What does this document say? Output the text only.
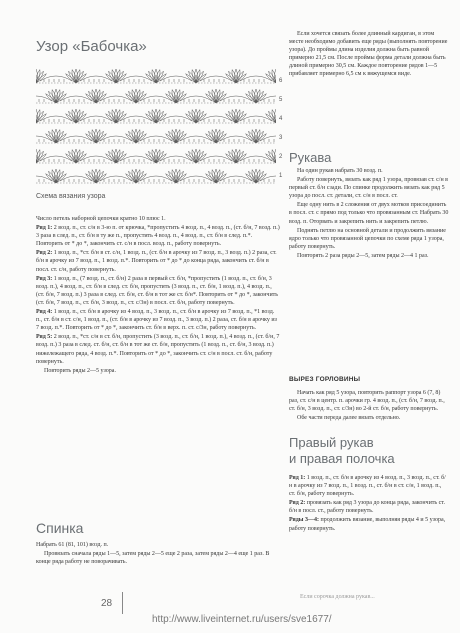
Узор «Бабочка»
6
5
4
3
2
1
Схема вязания узора

Число петель наборной цепочки кратно 10 плюс 1.

Ряд 1: 2 возд. п., ст. с/н в 3-ю п. от крючка, *пропустить 4 возд. п., 4 возд. п., (ст. б/н, 7 возд. п.) 3 раза в след. п., ст. б/н в ту же п., пропустить 4 возд. п., 4 возд. п., ст. б/н в след. п.*. Повторить от * до *, закончить ст. с/н в посл. возд. п., работу повернуть.

Ряд 2: 1 возд. п., *ст. б/н в ст. с/н, 1 возд. п., (ст. б/н в арочку из 7 возд. п., 3 возд. п.) 2 раза, ст. б/н в арочку из 7 возд. п., 1 возд. п.*. Повторить от * до * до конца ряда, закончить ст. б/н в посл. ст. с/н, работу повернуть.

Ряд 3: 1 возд. п., (7 возд. п., ст. б/н) 2 раза в первый ст. б/н, *пропустить (1 возд. п., ст. б/н, 3 возд. п.), 4 возд. п., ст. б/н в след. ст. б/н, пропустить (3 возд. п., ст. б/н, 1 возд. п.), 4 возд. п., (ст. б/н, 7 возд. п.) 3 раза в след. ст. б/н, ст. б/н в тот же ст. б/н*. Повторить от * до *, закончить (ст. б/н, 7 возд. п., ст. б/н, 3 возд. п., ст. с/3н) в посл. ст. б/н, работу повернуть.

Ряд 4: 1 возд. п., ст. б/н в арочку из 4 возд. п., 3 возд. п., ст. б/н в арочку из 7 возд. п., *1 возд. п., ст. б/н в ст. с/н, 1 возд. п., (ст. б/н в арочку из 7 возд. п., 3 возд. п.) 2 раза, ст. б/н в арочку из 7 возд. п.*. Повторить от * до *, закончить ст. б/н в верх. п. ст. с/3н, работу повернуть.

Ряд 5: 2 возд. п., *ст. с/н в ст. б/н, пропустить (3 возд. п., ст. б/н, 1 возд. п.), 4 возд. п., (ст. б/н, 7 возд. п.) 3 раза в след. ст. б/н, ст. б/н в тот же ст. б/н, пропустить (1 возд. п., ст. б/н, 3 возд. п.) нижележащего ряда, 4 возд. п.*. Повторить от * до *, закончить ст. с/н в посл. ст. б/н, работу повернуть.

Повторить ряды 2—5 узора.

Спинка

Набрать 61 (81, 101) возд. п.

Провязать сначала ряды 1—5, затем ряды 2—5 еще 2 раза, затем ряды 2—4 еще 1 раз. В конце ряда работу не поворачивать.

28

Если хочется связать более длинный кардиган, в этом месте необходимо добавить еще ряды (выполнять повторение узора). До проймы длина изделия должна быть равной примерно 21,5 см. После проймы форма детали должна быть длиной примерно 30,5 см. Каждое повторение рядов 1—5 прибавляет примерно 6,5 см к вяжущемся виде.

Рукава

На один рукав набрать 30 возд. п.

Работу повернуть, вязать как ряд 1 узора, провязав ст. с/н в первый ст. б/н сзади. По спинке продолжить вязать как ряд 5 узора до посл. ст. детали, ст. с/н в посл. ст.

Еще одну нить в 2 сложения от двух мотков присоединить в посл. ст. с прямо под только что провязанным ст. Набрать 30 возд. п. Оторвать и закрепить нить и закрепить петлю.

Поднять петлю на основной детали и продолжить вязание ядро только что провязанной цепочки по схеме ряда 1 узора, работу повернуть.

Повторять 2 раза ряды 2—5, затем ряды 2—4 1 раз.

ВЫРЕЗ ГОРЛОВИНЫ

Начать как ряд 5 узора, повторить раппорт узора 6 (7, 8) раз, ст. с/н в центр. п. арочки гр. 4 возд. п., (ст. б/н, 7 возд. п., ст. б/н, 3 возд. п., ст. с/3н) во 2-й ст. б/н, работу повернуть.

Обе части переда далее вязать отдельно.

Правый рукав
и правая полочка

Ряд 1: 1 возд. п., ст. б/н в арочку из 4 возд. п., 3 возд. п., ст. б/н в арочку из 7 возд. п., 1 возд. п., ст. б/н в ст. с/н, 1 возд. п., ст. б/н, работу повернуть.

Ряд 2: провязать как ряд 3 узора до конца ряда, закончить ст. б/н в посл. ст., работу повернуть.

Ряды 3—4: продолжить вязание, выполняя ряды 4 и 5 узора, работу повернуть.

Если сорочка должна рукав...
http://www.liveinternet.ru/users/sve1677/
